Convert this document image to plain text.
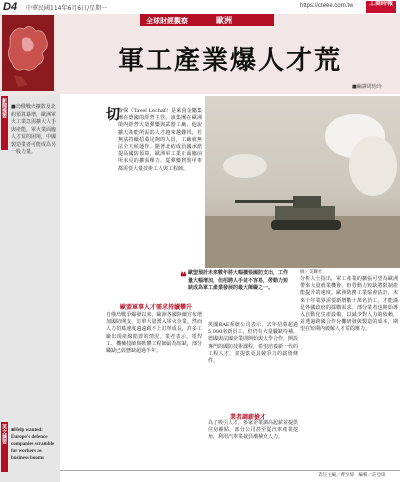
D4 中華民國114年6月6日/星期一	https://cteee.com.tw	工商時報
全球財經觀察	歐洲
軍工產業爆人才荒
■編譯周怡玲
新聞提要 ■烏俄戰火擴散及北約預算暴增，歐洲軍火工業急需擴大人手與產能，軍火業面臨人才荒的困境，中國製造業者可能成為另一股力量。
英文摘要 ■Help wanted: Europe's defence companies scramble for workers as business booms
圖／美聯社
切
身保（Tavel Lechaf）是萊茵金屬集團在德國的經營主管，該集團在歐洲境內經營大量彈藥與武器工廠，他說擴大產能所需的人才越來越難找，若無法持續招募足夠的人員，工廠就無法全天候運作。隨著北約成員國承諾提高國防預算，歐洲軍工業正面臨前所未見的擴張壓力，從彈藥到裝甲車都需要大量技術工人與工程師。
歐盟軍事人才需求持續攀升
自俄烏戰爭爆發以來，歐洲各國陸續宣布增加國防開支，訂單大量湧入軍火企業。然而人力招募速度遠遠跟不上訂單成長，許多工廠出現產線閒置的情況。業者表示，電焊工、機械技師與軟體工程師最為短缺，部分職缺已經懸缺超過半年。
❝ 歐盟預計未來數年將大幅擴張國防支出，工作量大幅增加，但招聘人手並不容易，勞動力短缺成為軍工產業發展的最大障礙之一。
英國BAE系統公司表示，去年招募超過5,000名新員工，但仍有大量職缺待補。德國與法國企業則開始與大學合作，開設專門的國防技術課程，希望培養新一代的工程人才，並提供更具競爭力的薪資條件。
業者調薪搶才
為了吸引人才，多家企業調高起薪並提供住房補貼，部分公司甚至從汽車產業挖角，利用汽車業裁員潮補充人力。
分析人士指出，軍工產業的擴張可望為歐洲帶來大量就業機會，但勞動力短缺將限制產能提升的速度。歐洲防務工業協會估計，未來十年業界需要新增數十萬名員工，才能滿足各國政府的採購需求。部分業者也開始導入自動化生產設備，以減少對人力的依賴，並透過跨國合作分攤研發與製造的成本，期望在短期內緩解人才荒的壓力。
責任主編／曹至瑋　編輯／莊亞璋
